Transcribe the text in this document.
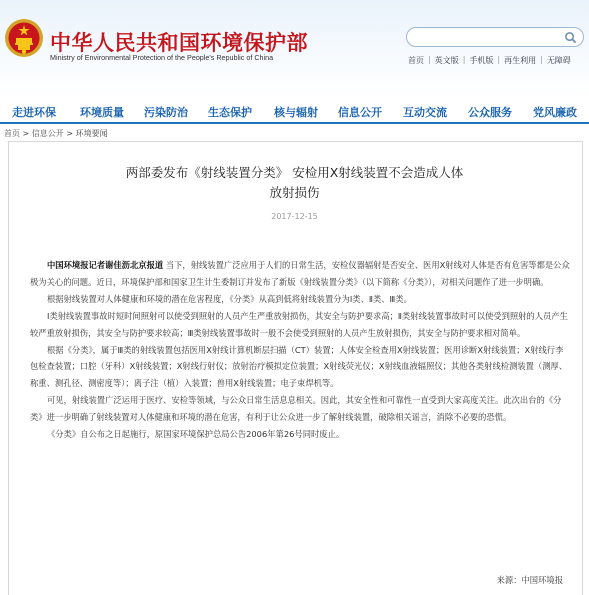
中华人民共和国环境保护部
Ministry of Environmental Protection of the People's Republic of China	首页 | 英文版 | 手机版 | 再生利用 | 无障碍
走进环保 环境质量 污染防治 生态保护 核与辐射 信息公开 互动交流 公众服务 党风廉政
首页 > 信息公开 > 环境要闻
两部委发布《射线装置分类》 安检用X射线装置不会造成人体
放射损伤
2017-12-15

中国环境报记者谢佳沥北京报道 当下，射线装置广泛应用于人们的日常生活，安检仪器辐射是否安全、医用X射线对人体是否有危害等都是公众极为关心的问题。近日，环境保护部和国家卫生计生委制订并发布了新版《射线装置分类》（以下简称《分类》），对相关问题作了进一步明确。

根据射线装置对人体健康和环境的潜在危害程度，《分类》从高到低将射线装置分为Ⅰ类、Ⅱ类、Ⅲ类。

Ⅰ类射线装置事故时短时间照射可以使受到照射的人员产生严重放射损伤，其安全与防护要求高；Ⅱ类射线装置事故时可以使受到照射的人员产生较严重放射损伤，其安全与防护要求较高；Ⅲ类射线装置事故时一般不会使受到照射的人员产生放射损伤，其安全与防护要求相对简单。

根据《分类》，属于Ⅲ类的射线装置包括医用X射线计算机断层扫描（CT）装置；人体安全检查用X射线装置；医用诊断X射线装置；X射线行李包检查装置；口腔（牙科）X射线装置；X射线行射仪；放射治疗模拟定位装置；X射线荧光仪；X射线血液辐照仪；其他各类射线检测装置（测厚、称重、测孔径、测密度等）；离子注（植）入装置；兽用X射线装置；电子束焊机等。

可见，射线装置广泛运用于医疗、安检等领域，与公众日常生活息息相关。因此，其安全性和可靠性一直受到大家高度关注。此次出台的《分类》进一步明确了射线装置对人体健康和环境的潜在危害，有利于让公众进一步了解射线装置，破除相关谣言，消除不必要的恐慌。

《分类》自公布之日起施行，原国家环境保护总局公告2006年第26号同时废止。

来源：中国环境报
